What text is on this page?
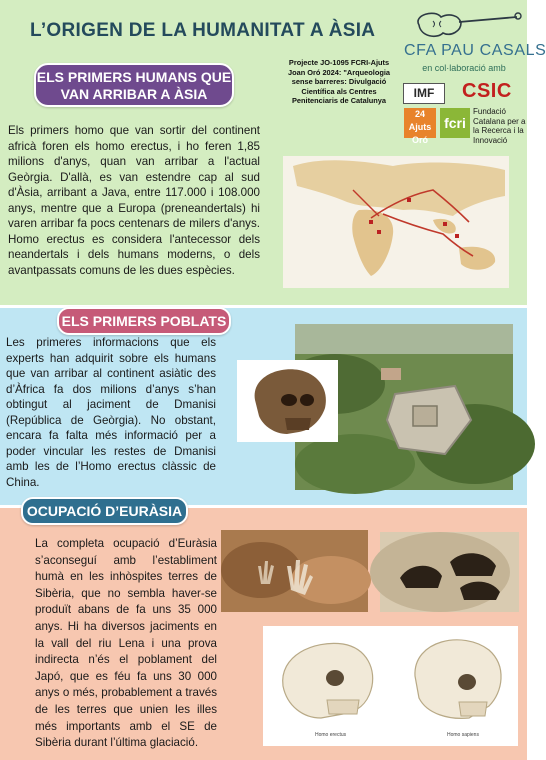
L’ORIGEN DE LA HUMANITAT A ÀSIA
CFA PAU CASALS
en col·laboració amb
IMF	CSIC
24 Ajuts Oró
fcri
Fundació Catalana per a la Recerca i la Innovació
Projecte JO-1095 FCRI-Ajuts Joan Oró 2024: "Arqueologia sense barreres: Divulgació Científica als Centres Penitenciaris de Catalunya
ELS PRIMERS HUMANS QUE VAN ARRIBAR A ÀSIA

Els primers homo que van sortir del continent africà foren els homo erectus, i ho feren 1,85 milions d'anys, quan van arribar a l'actual Geòrgia. D'allà, es van estendre cap al sud d'Àsia, arribant a Java, entre 117.000 i 108.000 anys, mentre que a Europa (preneandertals) hi varen arribar fa pocs centenars de milers d'anys. Homo erectus es considera l'antecessor dels neandertals i dels humans moderns, o dels avantpassats comuns de les dues espècies.

ELS PRIMERS POBLATS

Les primeres informacions que els experts han adquirit sobre els humans que van arribar al continent asiàtic des d’Àfrica fa dos milions d’anys s’han obtingut al jaciment de Dmanisi (República de Geòrgia). No obstant, encara fa falta més informació per a poder vincular les restes de Dmanisi amb les de l’Homo erectus clàssic de China.

OCUPACIÓ D’EURÀSIA

La completa ocupació d’Euràsia s’aconseguí amb l’establiment humà en les inhòspites terres de Sibèria, que no sembla haver-se produït abans de fa uns 35 000 anys. Hi ha diversos jaciments en la vall del riu Lena i una prova indirecta n’és el poblament del Japó, que es féu fa uns 30 000 anys o més, probablement a través de les terres que unien les illes més importants amb el SE de Sibèria durant l’última glaciació.

Homo erectus	Homo sapiens
